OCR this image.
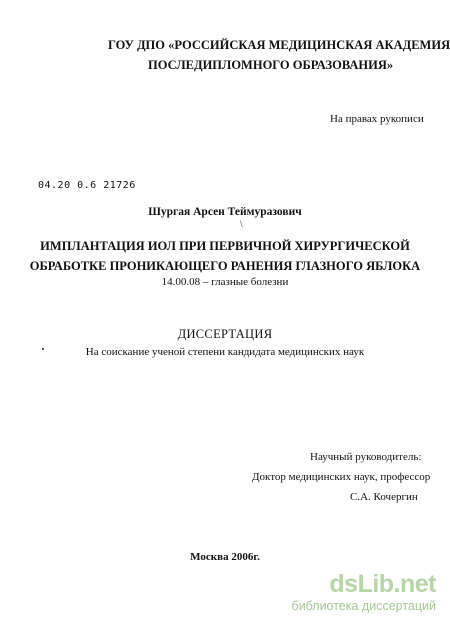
ГОУ ДПО «РОССИЙСКАЯ МЕДИЦИНСКАЯ АКАДЕМИЯ
ПОСЛЕДИПЛОМНОГО ОБРАЗОВАНИЯ»
На правах рукописи
04.20 0.6 21726
Шургая Арсен Теймуразович
\
ИМПЛАНТАЦИЯ ИОЛ ПРИ ПЕРВИЧНОЙ ХИРУРГИЧЕСКОЙ
ОБРАБОТКЕ ПРОНИКАЮЩЕГО РАНЕНИЯ ГЛАЗНОГО ЯБЛОКА
14.00.08 – глазные болезни
ДИССЕРТАЦИЯ
На соискание ученой степени кандидата медицинских наук
Научный руководитель:
Доктор медицинских наук, профессор
С.А. Кочергин
Москва 2006г.
dsLib.net
библиотека диссертаций
